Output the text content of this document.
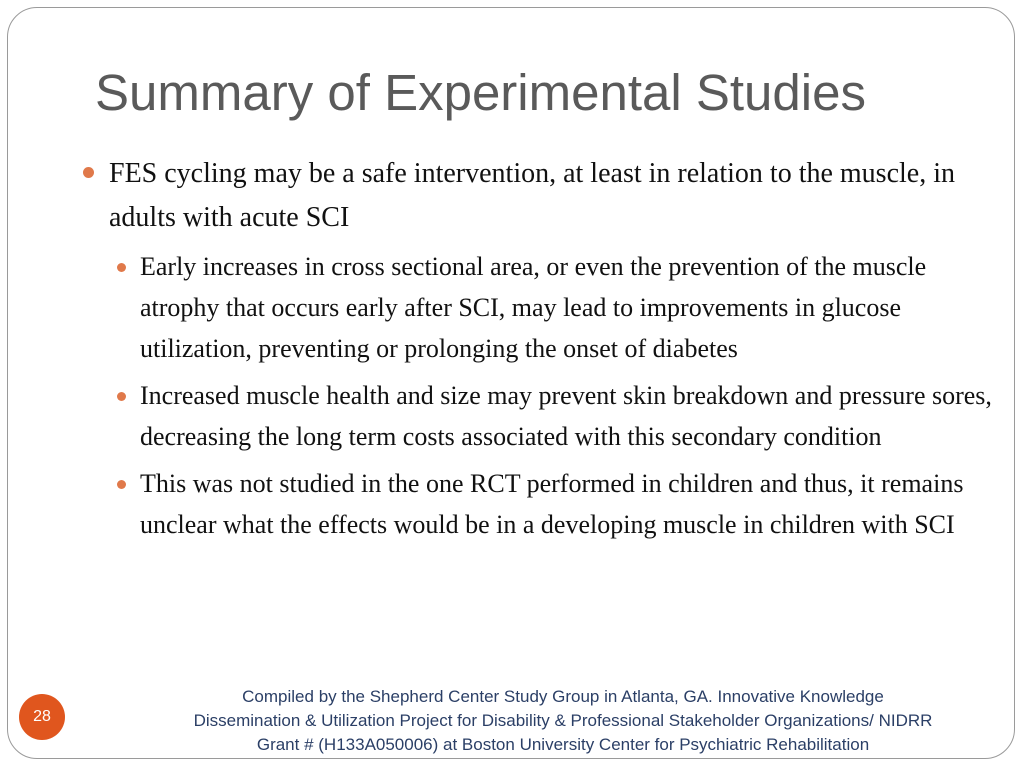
Summary of Experimental Studies
FES cycling may be a safe intervention, at least in relation to the muscle, in adults with acute SCI
Early increases in cross sectional area, or even the prevention of the muscle atrophy that occurs early after SCI, may lead to improvements in glucose utilization, preventing or prolonging the onset of diabetes
Increased muscle health and size may prevent skin breakdown and pressure sores, decreasing the long term costs associated with this secondary condition
This was not studied in the one RCT performed in children and thus, it remains unclear what the effects would be in a developing muscle in children with SCI
Compiled by the Shepherd Center Study Group in Atlanta, GA. Innovative Knowledge
Dissemination & Utilization Project for Disability & Professional Stakeholder Organizations/ NIDRR
Grant # (H133A050006) at Boston University Center for Psychiatric Rehabilitation
28
